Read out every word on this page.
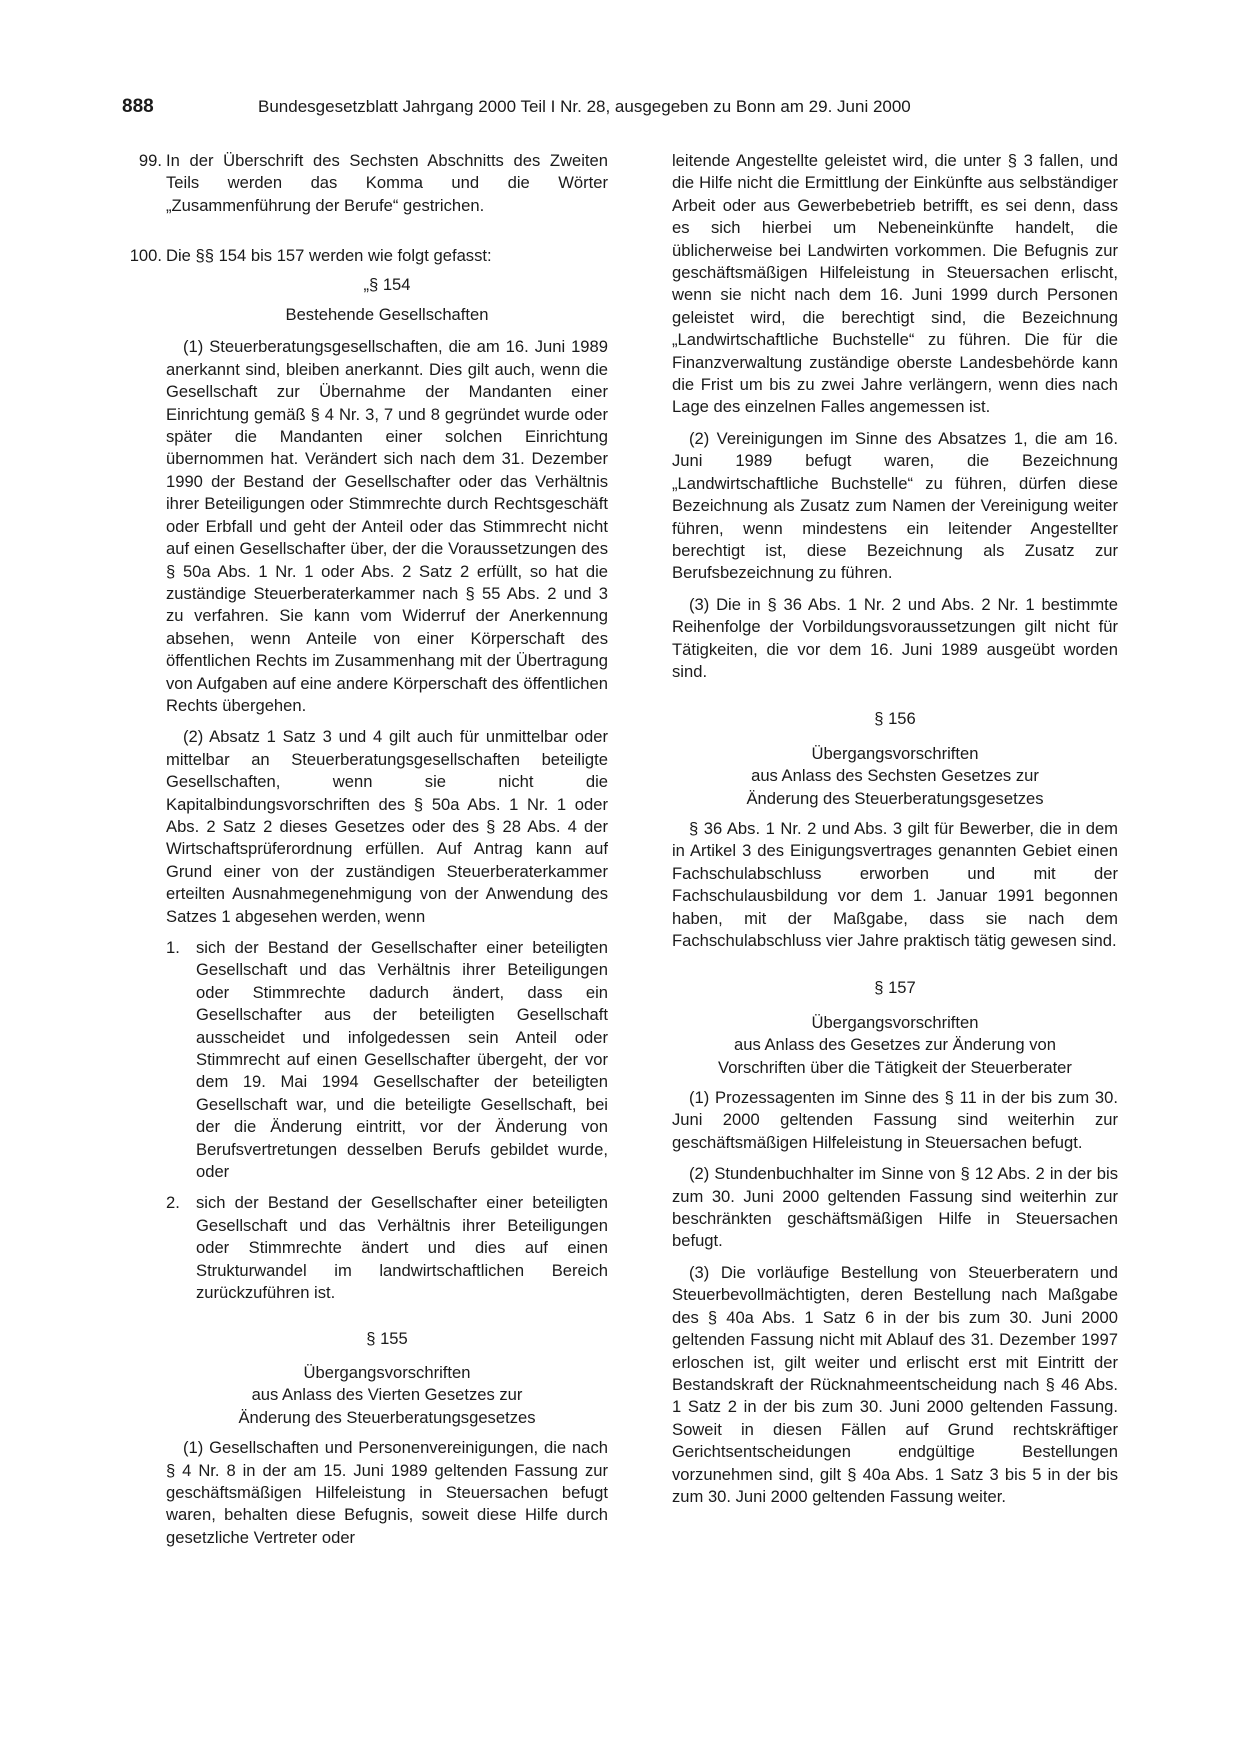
888	Bundesgesetzblatt Jahrgang 2000 Teil I Nr. 28, ausgegeben zu Bonn am 29. Juni 2000
99. In der Überschrift des Sechsten Abschnitts des Zweiten Teils werden das Komma und die Wörter „Zusammenführung der Berufe“ gestrichen.

100. Die §§ 154 bis 157 werden wie folgt gefasst:

„§ 154

Bestehende Gesellschaften

(1) Steuerberatungsgesellschaften, die am 16. Juni 1989 anerkannt sind, bleiben anerkannt. Dies gilt auch, wenn die Gesellschaft zur Übernahme der Mandanten einer Einrichtung gemäß § 4 Nr. 3, 7 und 8 gegründet wurde oder später die Mandanten einer solchen Einrichtung übernommen hat. Verändert sich nach dem 31. Dezember 1990 der Bestand der Gesellschafter oder das Verhältnis ihrer Beteiligungen oder Stimmrechte durch Rechtsgeschäft oder Erbfall und geht der Anteil oder das Stimmrecht nicht auf einen Gesellschafter über, der die Voraussetzungen des § 50a Abs. 1 Nr. 1 oder Abs. 2 Satz 2 erfüllt, so hat die zuständige Steuerberaterkammer nach § 55 Abs. 2 und 3 zu verfahren. Sie kann vom Widerruf der Anerkennung absehen, wenn Anteile von einer Körperschaft des öffentlichen Rechts im Zusammenhang mit der Übertragung von Aufgaben auf eine andere Körperschaft des öffentlichen Rechts übergehen.

(2) Absatz 1 Satz 3 und 4 gilt auch für unmittelbar oder mittelbar an Steuerberatungsgesellschaften beteiligte Gesellschaften, wenn sie nicht die Kapitalbindungsvorschriften des § 50a Abs. 1 Nr. 1 oder Abs. 2 Satz 2 dieses Gesetzes oder des § 28 Abs. 4 der Wirtschaftsprüferordnung erfüllen. Auf Antrag kann auf Grund einer von der zuständigen Steuerberaterkammer erteilten Ausnahmegenehmigung von der Anwendung des Satzes 1 abgesehen werden, wenn

1. sich der Bestand der Gesellschafter einer beteiligten Gesellschaft und das Verhältnis ihrer Beteiligungen oder Stimmrechte dadurch ändert, dass ein Gesellschafter aus der beteiligten Gesellschaft ausscheidet und infolgedessen sein Anteil oder Stimmrecht auf einen Gesellschafter übergeht, der vor dem 19. Mai 1994 Gesellschafter der beteiligten Gesellschaft war, und die beteiligte Gesellschaft, bei der die Änderung eintritt, vor der Änderung von Berufsvertretungen desselben Berufs gebildet wurde, oder

2. sich der Bestand der Gesellschafter einer beteiligten Gesellschaft und das Verhältnis ihrer Beteiligungen oder Stimmrechte ändert und dies auf einen Strukturwandel im landwirtschaftlichen Bereich zurückzuführen ist.

§ 155

Übergangsvorschriften

aus Anlass des Vierten Gesetzes zur

Änderung des Steuerberatungsgesetzes

(1) Gesellschaften und Personenvereinigungen, die nach § 4 Nr. 8 in der am 15. Juni 1989 geltenden Fassung zur geschäftsmäßigen Hilfeleistung in Steuersachen befugt waren, behalten diese Befugnis, soweit diese Hilfe durch gesetzliche Vertreter oder

leitende Angestellte geleistet wird, die unter § 3 fallen, und die Hilfe nicht die Ermittlung der Einkünfte aus selbständiger Arbeit oder aus Gewerbebetrieb betrifft, es sei denn, dass es sich hierbei um Nebeneinkünfte handelt, die üblicherweise bei Landwirten vorkommen. Die Befugnis zur geschäftsmäßigen Hilfeleistung in Steuersachen erlischt, wenn sie nicht nach dem 16. Juni 1999 durch Personen geleistet wird, die berechtigt sind, die Bezeichnung „Landwirtschaftliche Buchstelle“ zu führen. Die für die Finanzverwaltung zuständige oberste Landesbehörde kann die Frist um bis zu zwei Jahre verlängern, wenn dies nach Lage des einzelnen Falles angemessen ist.

(2) Vereinigungen im Sinne des Absatzes 1, die am 16. Juni 1989 befugt waren, die Bezeichnung „Landwirtschaftliche Buchstelle“ zu führen, dürfen diese Bezeichnung als Zusatz zum Namen der Vereinigung weiter führen, wenn mindestens ein leitender Angestellter berechtigt ist, diese Bezeichnung als Zusatz zur Berufsbezeichnung zu führen.

(3) Die in § 36 Abs. 1 Nr. 2 und Abs. 2 Nr. 1 bestimmte Reihenfolge der Vorbildungsvoraussetzungen gilt nicht für Tätigkeiten, die vor dem 16. Juni 1989 ausgeübt worden sind.

§ 156

Übergangsvorschriften

aus Anlass des Sechsten Gesetzes zur

Änderung des Steuerberatungsgesetzes

§ 36 Abs. 1 Nr. 2 und Abs. 3 gilt für Bewerber, die in dem in Artikel 3 des Einigungsvertrages genannten Gebiet einen Fachschulabschluss erworben und mit der Fachschulausbildung vor dem 1. Januar 1991 begonnen haben, mit der Maßgabe, dass sie nach dem Fachschulabschluss vier Jahre praktisch tätig gewesen sind.

§ 157

Übergangsvorschriften

aus Anlass des Gesetzes zur Änderung von

Vorschriften über die Tätigkeit der Steuerberater

(1) Prozessagenten im Sinne des § 11 in der bis zum 30. Juni 2000 geltenden Fassung sind weiterhin zur geschäftsmäßigen Hilfeleistung in Steuersachen befugt.

(2) Stundenbuchhalter im Sinne von § 12 Abs. 2 in der bis zum 30. Juni 2000 geltenden Fassung sind weiterhin zur beschränkten geschäftsmäßigen Hilfe in Steuersachen befugt.

(3) Die vorläufige Bestellung von Steuerberatern und Steuerbevollmächtigten, deren Bestellung nach Maßgabe des § 40a Abs. 1 Satz 6 in der bis zum 30. Juni 2000 geltenden Fassung nicht mit Ablauf des 31. Dezember 1997 erloschen ist, gilt weiter und erlischt erst mit Eintritt der Bestandskraft der Rücknahmeentscheidung nach § 46 Abs. 1 Satz 2 in der bis zum 30. Juni 2000 geltenden Fassung. Soweit in diesen Fällen auf Grund rechtskräftiger Gerichtsentscheidungen endgültige Bestellungen vorzunehmen sind, gilt § 40a Abs. 1 Satz 3 bis 5 in der bis zum 30. Juni 2000 geltenden Fassung weiter.
